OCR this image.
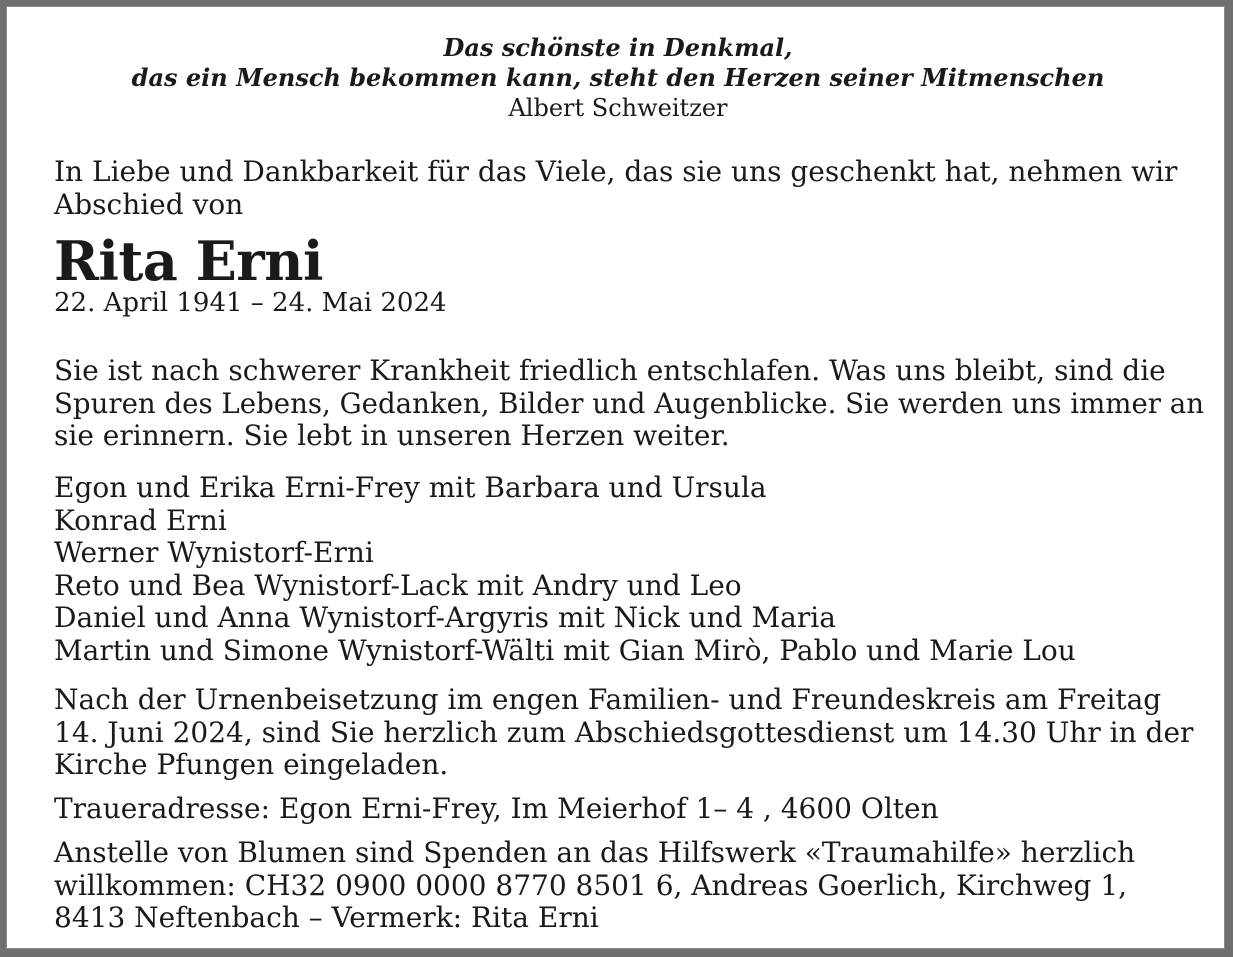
Das schönste in Denkmal,
das ein Mensch bekommen kann, steht den Herzen seiner Mitmenschen
Albert Schweitzer
In Liebe und Dankbarkeit für das Viele, das sie uns geschenkt hat, nehmen wir
Abschied von
Rita Erni
22. April 1941 – 24. Mai 2024
Sie ist nach schwerer Krankheit friedlich entschlafen. Was uns bleibt, sind die
Spuren des Lebens, Gedanken, Bilder und Augenblicke. Sie werden uns immer an
sie erinnern. Sie lebt in unseren Herzen weiter.
Egon und Erika Erni-Frey mit Barbara und Ursula
Konrad Erni
Werner Wynistorf-Erni
Reto und Bea Wynistorf-Lack mit Andry und Leo
Daniel und Anna Wynistorf-Argyris mit Nick und Maria
Martin und Simone Wynistorf-Wälti mit Gian Mirò, Pablo und Marie Lou
Nach der Urnenbeisetzung im engen Familien- und Freundeskreis am Freitag
14. Juni 2024, sind Sie herzlich zum Abschiedsgottesdienst um 14.30 Uhr in der
Kirche Pfungen eingeladen.
Traueradresse: Egon Erni-Frey, Im Meierhof 1– 4 , 4600 Olten
Anstelle von Blumen sind Spenden an das Hilfswerk «Traumahilfe» herzlich
willkommen: CH32 0900 0000 8770 8501 6, Andreas Goerlich, Kirchweg 1,
8413 Neftenbach – Vermerk: Rita Erni
